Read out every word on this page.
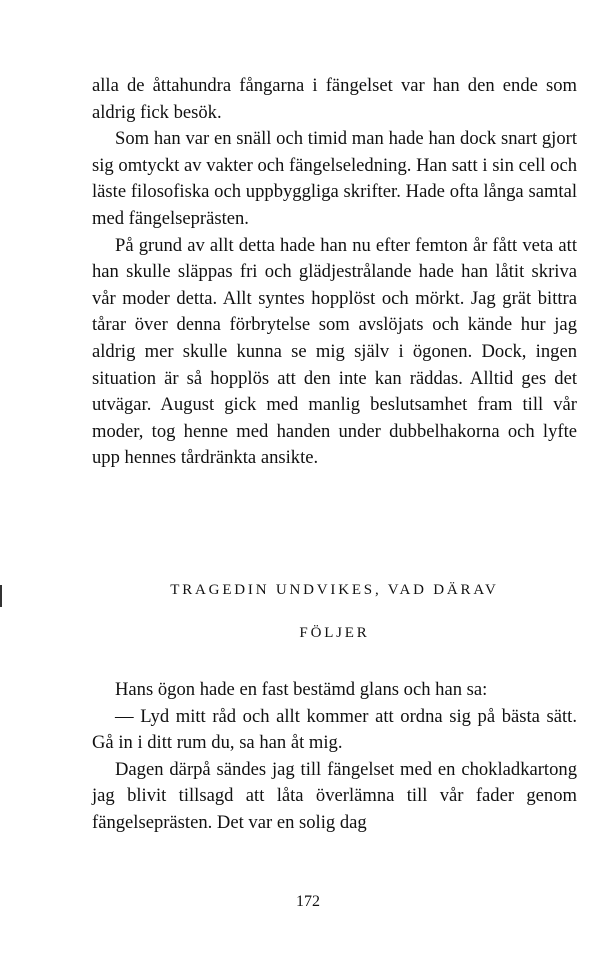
alla de åttahundra fångarna i fängelset var han den ende som aldrig fick besök.

Som han var en snäll och timid man hade han dock snart gjort sig omtyckt av vakter och fängelseledning. Han satt i sin cell och läste filosofiska och uppbyggliga skrifter. Hade ofta långa samtal med fängelseprästen.

På grund av allt detta hade han nu efter femton år fått veta att han skulle släppas fri och glädjestrålande hade han låtit skriva vår moder detta. Allt syntes hopplöst och mörkt. Jag grät bittra tårar över denna förbrytelse som avslöjats och kände hur jag aldrig mer skulle kunna se mig själv i ögonen. Dock, ingen situation är så hopplös att den inte kan räddas. Alltid ges det utvägar. August gick med manlig beslutsamhet fram till vår moder, tog henne med handen under dubbelhakorna och lyfte upp hennes tårdränkta ansikte.

TRAGEDIN UNDVIKES, VAD DÄRAV
FÖLJER

Hans ögon hade en fast bestämd glans och han sa:

— Lyd mitt råd och allt kommer att ordna sig på bästa sätt. Gå in i ditt rum du, sa han åt mig.

Dagen därpå sändes jag till fängelset med en chokladkartong jag blivit tillsagd att låta överlämna till vår fader genom fängelseprästen. Det var en solig dag

172
